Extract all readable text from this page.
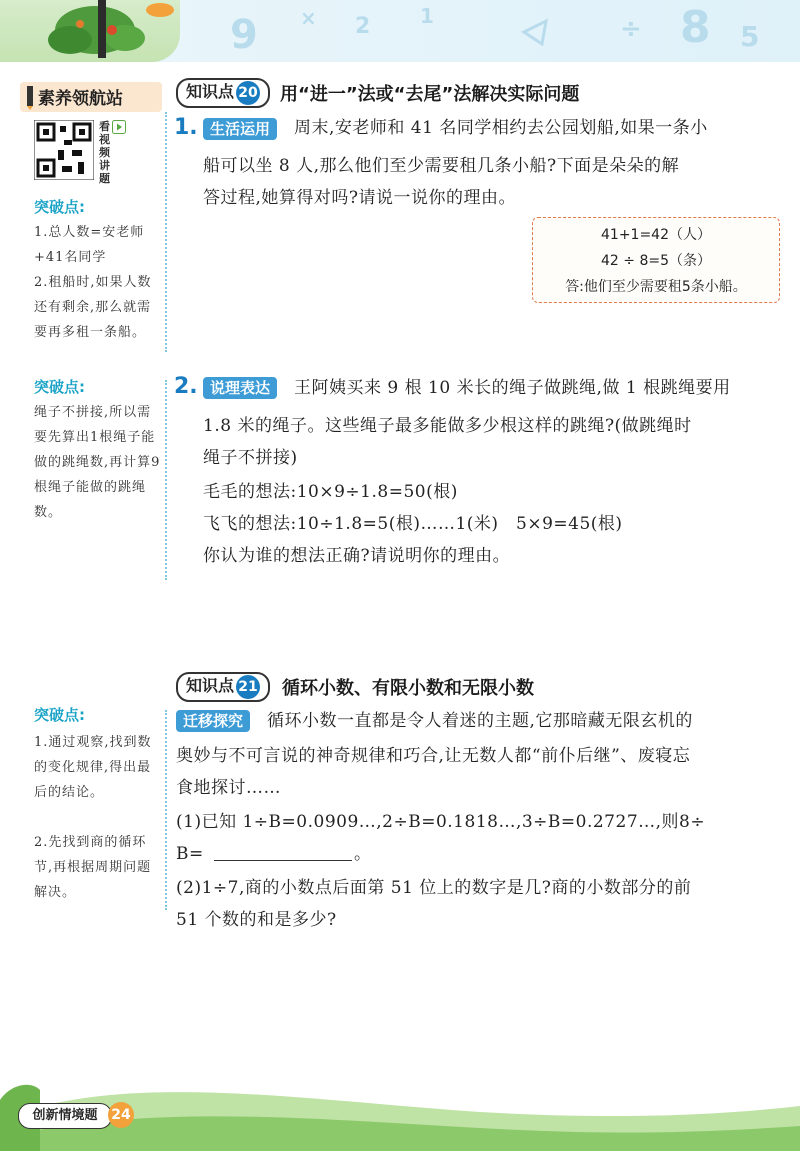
9 × 2 1	÷ 8 5
素养领航站
看视频讲题
突破点:
1.总人数=安老师+41名同学
2.租船时,如果人数还有剩余,那么就需要再多租一条船。
突破点:
绳子不拼接,所以需要先算出1根绳子能做的跳绳数,再计算9根绳子能做的跳绳数。
突破点:
1.通过观察,找到数的变化规律,得出最后的结论。
2.先找到商的循环节,再根据周期问题解决。
知识点 20	用“进一”法或“去尾”法解决实际问题
1. 生活运用	周末,安老师和 41 名同学相约去公园划船,如果一条小
船可以坐 8 人,那么他们至少需要租几条小船?下面是朵朵的解
答过程,她算得对吗?请说一说你的理由。
41+1=42（人）
42 ÷ 8=5（条）
答:他们至少需要租5条小船。
2. 说理表达	王阿姨买来 9 根 10 米长的绳子做跳绳,做 1 根跳绳要用
1.8 米的绳子。这些绳子最多能做多少根这样的跳绳?(做跳绳时
绳子不拼接)
毛毛的想法:10×9÷1.8=50(根)
飞飞的想法:10÷1.8=5(根)……1(米)　5×9=45(根)
你认为谁的想法正确?请说明你的理由。
知识点 21	循环小数、有限小数和无限小数
迁移探究	循环小数一直都是令人着迷的主题,它那暗藏无限玄机的
奥妙与不可言说的神奇规律和巧合,让无数人都“前仆后继”、废寝忘
食地探讨……
(1)已知 1÷B=0.0909…,2÷B=0.1818…,3÷B=0.2727…,则8÷
B=	。
(2)1÷7,商的小数点后面第 51 位上的数字是几?商的小数部分的前
51 个数的和是多少?
创新情境题 24
